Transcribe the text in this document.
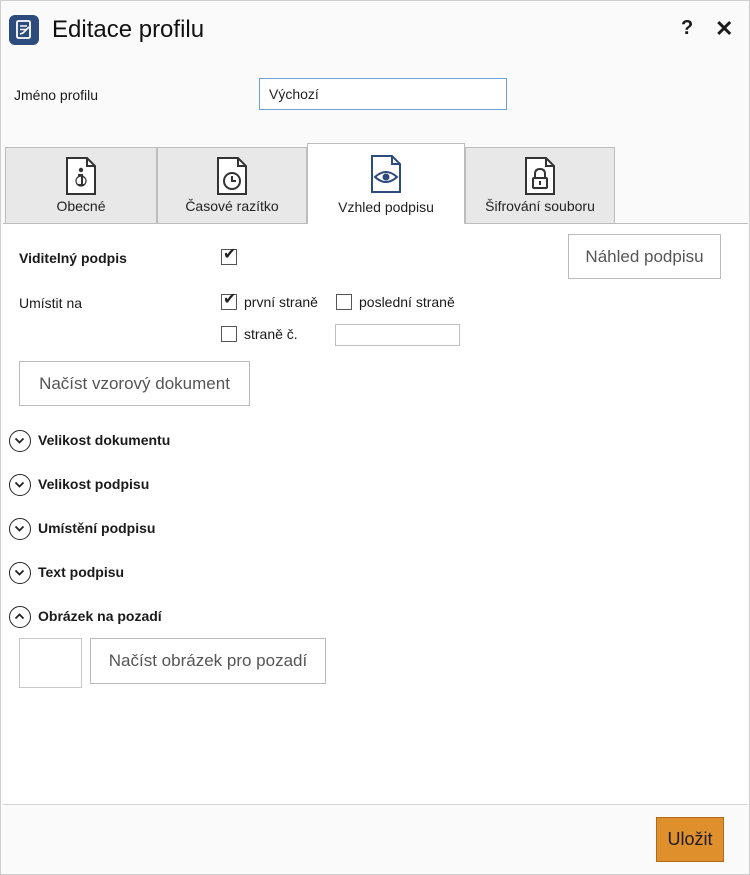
Editace profilu	? ✕
Jméno profilu	Výchozí
Obecné	Časové razítko	Vzhled podpisu	Šifrování souboru
Viditelný podpis	✔	Náhled podpisu
Umístit na	✔ první straně	poslední straně
straně č.
Načíst vzorový dokument
Velikost dokumentu
Velikost podpisu
Umístění podpisu
Text podpisu
Obrázek na pozadí
Načíst obrázek pro pozadí
Uložit
